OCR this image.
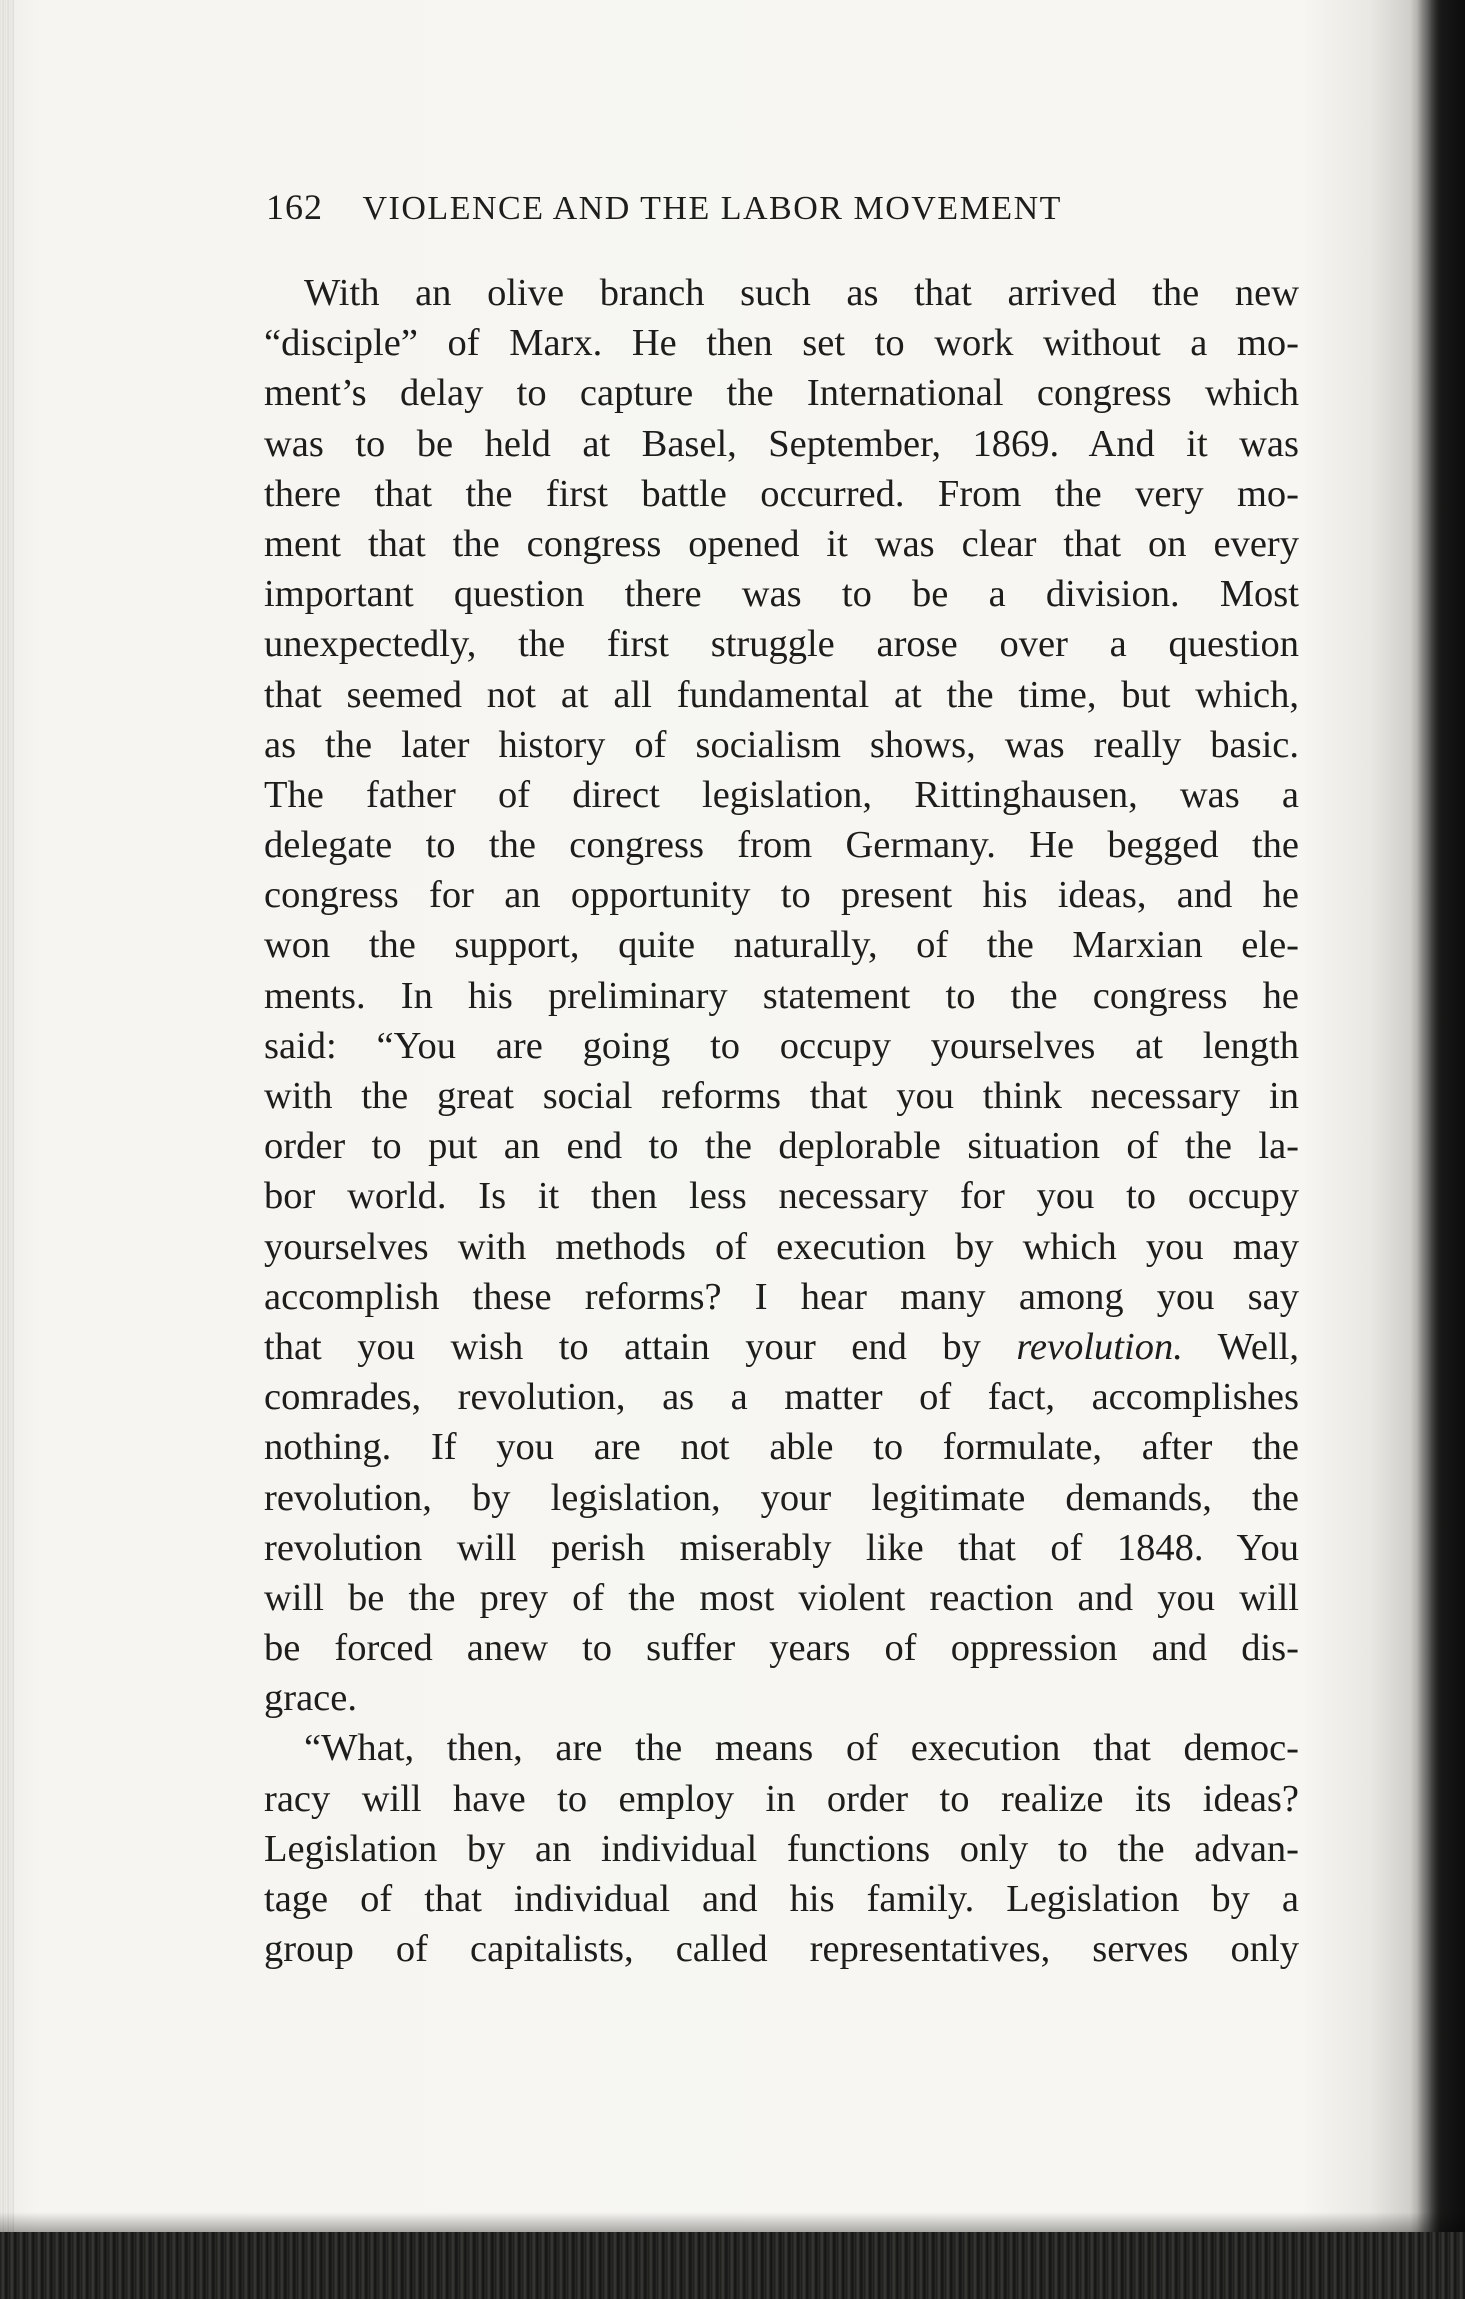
162 VIOLENCE AND THE LABOR MOVEMENT
With an olive branch such as that arrived the new
“disciple” of Marx. He then set to work without a mo-
ment’s delay to capture the International congress which
was to be held at Basel, September, 1869. And it was
there that the first battle occurred. From the very mo-
ment that the congress opened it was clear that on every
important question there was to be a division. Most
unexpectedly, the first struggle arose over a question
that seemed not at all fundamental at the time, but which,
as the later history of socialism shows, was really basic.
The father of direct legislation, Rittinghausen, was a
delegate to the congress from Germany. He begged the
congress for an opportunity to present his ideas, and he
won the support, quite naturally, of the Marxian ele-
ments. In his preliminary statement to the congress he
said: “You are going to occupy yourselves at length
with the great social reforms that you think necessary in
order to put an end to the deplorable situation of the la-
bor world. Is it then less necessary for you to occupy
yourselves with methods of execution by which you may
accomplish these reforms? I hear many among you say
that you wish to attain your end by revolution. Well,
comrades, revolution, as a matter of fact, accomplishes
nothing. If you are not able to formulate, after the
revolution, by legislation, your legitimate demands, the
revolution will perish miserably like that of 1848. You
will be the prey of the most violent reaction and you will
be forced anew to suffer years of oppression and dis-
grace.
“What, then, are the means of execution that democ-
racy will have to employ in order to realize its ideas?
Legislation by an individual functions only to the advan-
tage of that individual and his family. Legislation by a
group of capitalists, called representatives, serves only
